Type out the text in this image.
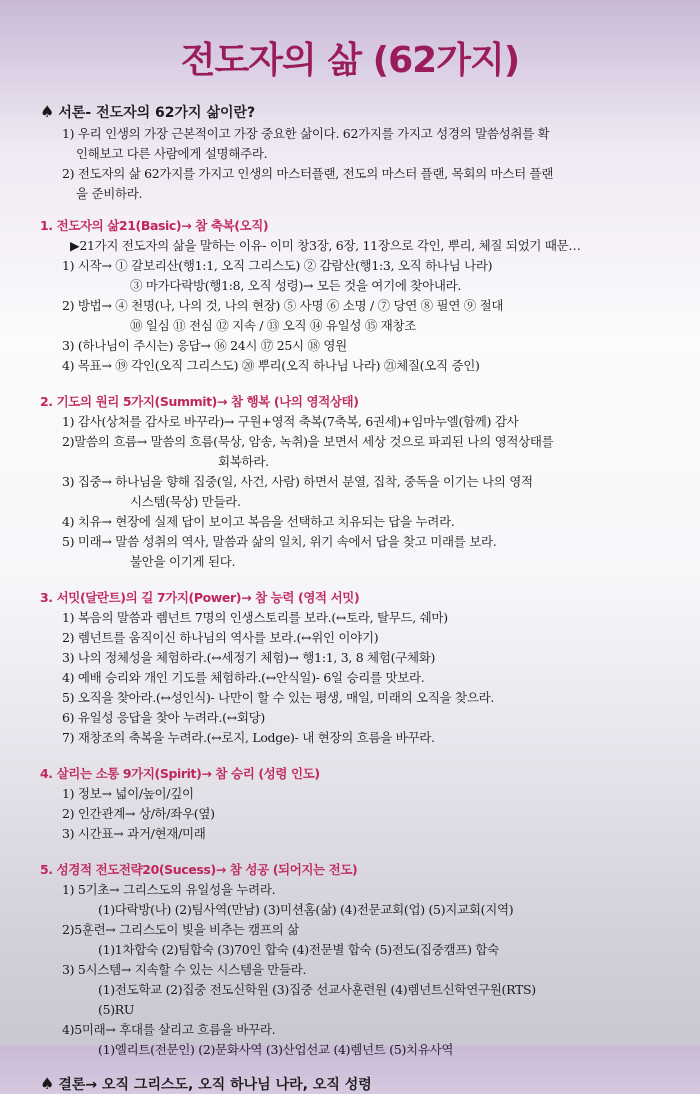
전도자의 삶 (62가지)
♠ 서론- 전도자의 62가지 삶이란?
1) 우리 인생의 가장 근본적이고 가장 중요한 삶이다. 62가지를 가지고 성경의 말씀성취를 확
인해보고 다른 사람에게 설명해주라.
2) 전도자의 삶 62가지를 가지고 인생의 마스터플랜, 전도의 마스터 플랜, 목회의 마스터 플랜
을 준비하라.
1. 전도자의 삶21(Basic)→ 참 축복(오직)
▶21가지 전도자의 삶을 말하는 이유- 이미 창3장, 6장, 11장으로 각인, 뿌리, 체질 되었기 때문…
1) 시작→ ① 갈보리산(행1:1, 오직 그리스도) ② 감람산(행1:3, 오직 하나님 나라)
③ 마가다락방(행1:8, 오직 성령)→ 모든 것을 여기에 찾아내라.
2) 방법→ ④ 천명(나, 나의 것, 나의 현장) ⑤ 사명 ⑥ 소명 / ⑦ 당연 ⑧ 필연 ⑨ 절대
⑩ 일심 ⑪ 전심 ⑫ 지속 / ⑬ 오직 ⑭ 유일성 ⑮ 재창조
3) (하나님이 주시는) 응답→ ⑯ 24시 ⑰ 25시 ⑱ 영원
4) 목표→ ⑲ 각인(오직 그리스도) ⑳ 뿌리(오직 하나님 나라) ㉑체질(오직 증인)
2. 기도의 원리 5가지(Summit)→ 참 행복 (나의 영적상태)
1) 감사(상처를 감사로 바꾸라)→ 구원+영적 축복(7축복, 6권세)+임마누엘(함께) 감사
2)말씀의 흐름→ 말씀의 흐름(묵상, 암송, 녹취)을 보면서 세상 것으로 파괴된 나의 영적상태를
회복하라.
3) 집중→ 하나님을 향해 집중(일, 사건, 사람) 하면서 분열, 집착, 중독을 이기는 나의 영적
시스템(묵상) 만들라.
4) 치유→ 현장에 실제 답이 보이고 복음을 선택하고 치유되는 답을 누려라.
5) 미래→ 말씀 성취의 역사, 말씀과 삶의 일치, 위기 속에서 답을 찾고 미래를 보라.
불안을 이기게 된다.
3. 서밋(달란트)의 길 7가지(Power)→ 참 능력 (영적 서밋)
1) 복음의 말씀과 렘넌트 7명의 인생스토리를 보라.(↔토라, 탈무드, 쉐마)
2) 렘넌트를 움직이신 하나님의 역사를 보라.(↔위인 이야기)
3) 나의 정체성을 체험하라.(↔세정기 체험)→ 행1:1, 3, 8 체험(구체화)
4) 예배 승리와 개인 기도를 체험하라.(↔안식일)- 6일 승리를 맛보라.
5) 오직을 찾아라.(↔성인식)- 나만이 할 수 있는 평생, 매일, 미래의 오직을 찾으라.
6) 유일성 응답을 찾아 누려라.(↔회당)
7) 재창조의 축복을 누려라.(↔로지, Lodge)- 내 현장의 흐름을 바꾸라.
4. 살리는 소통 9가지(Spirit)→ 참 승리 (성령 인도)
1) 정보→ 넓이/높이/깊이
2) 인간관계→ 상/하/좌우(옆)
3) 시간표→ 과거/현재/미래
5. 성경적 전도전략20(Sucess)→ 참 성공 (되어지는 전도)
1) 5기초→ 그리스도의 유일성을 누려라.
(1)다락방(나) (2)팀사역(만남) (3)미션홈(삶) (4)전문교회(업) (5)지교회(지역)
2)5훈련→ 그리스도이 빛을 비추는 캠프의 삶
(1)1차합숙 (2)팀합숙 (3)70인 합숙 (4)전문별 합숙 (5)전도(집중캠프) 합숙
3) 5시스템→ 지속할 수 있는 시스템을 만들라.
(1)전도학교 (2)집중 전도신학원 (3)집중 선교사훈련원 (4)렘넌트신학연구원(RTS)
(5)RU
4)5미래→ 후대를 살리고 흐름을 바꾸라.
(1)엘리트(전문인) (2)문화사역 (3)산업선교 (4)렘넌트 (5)치유사역
♠ 결론→ 오직 그리스도, 오직 하나님 나라, 오직 성령
